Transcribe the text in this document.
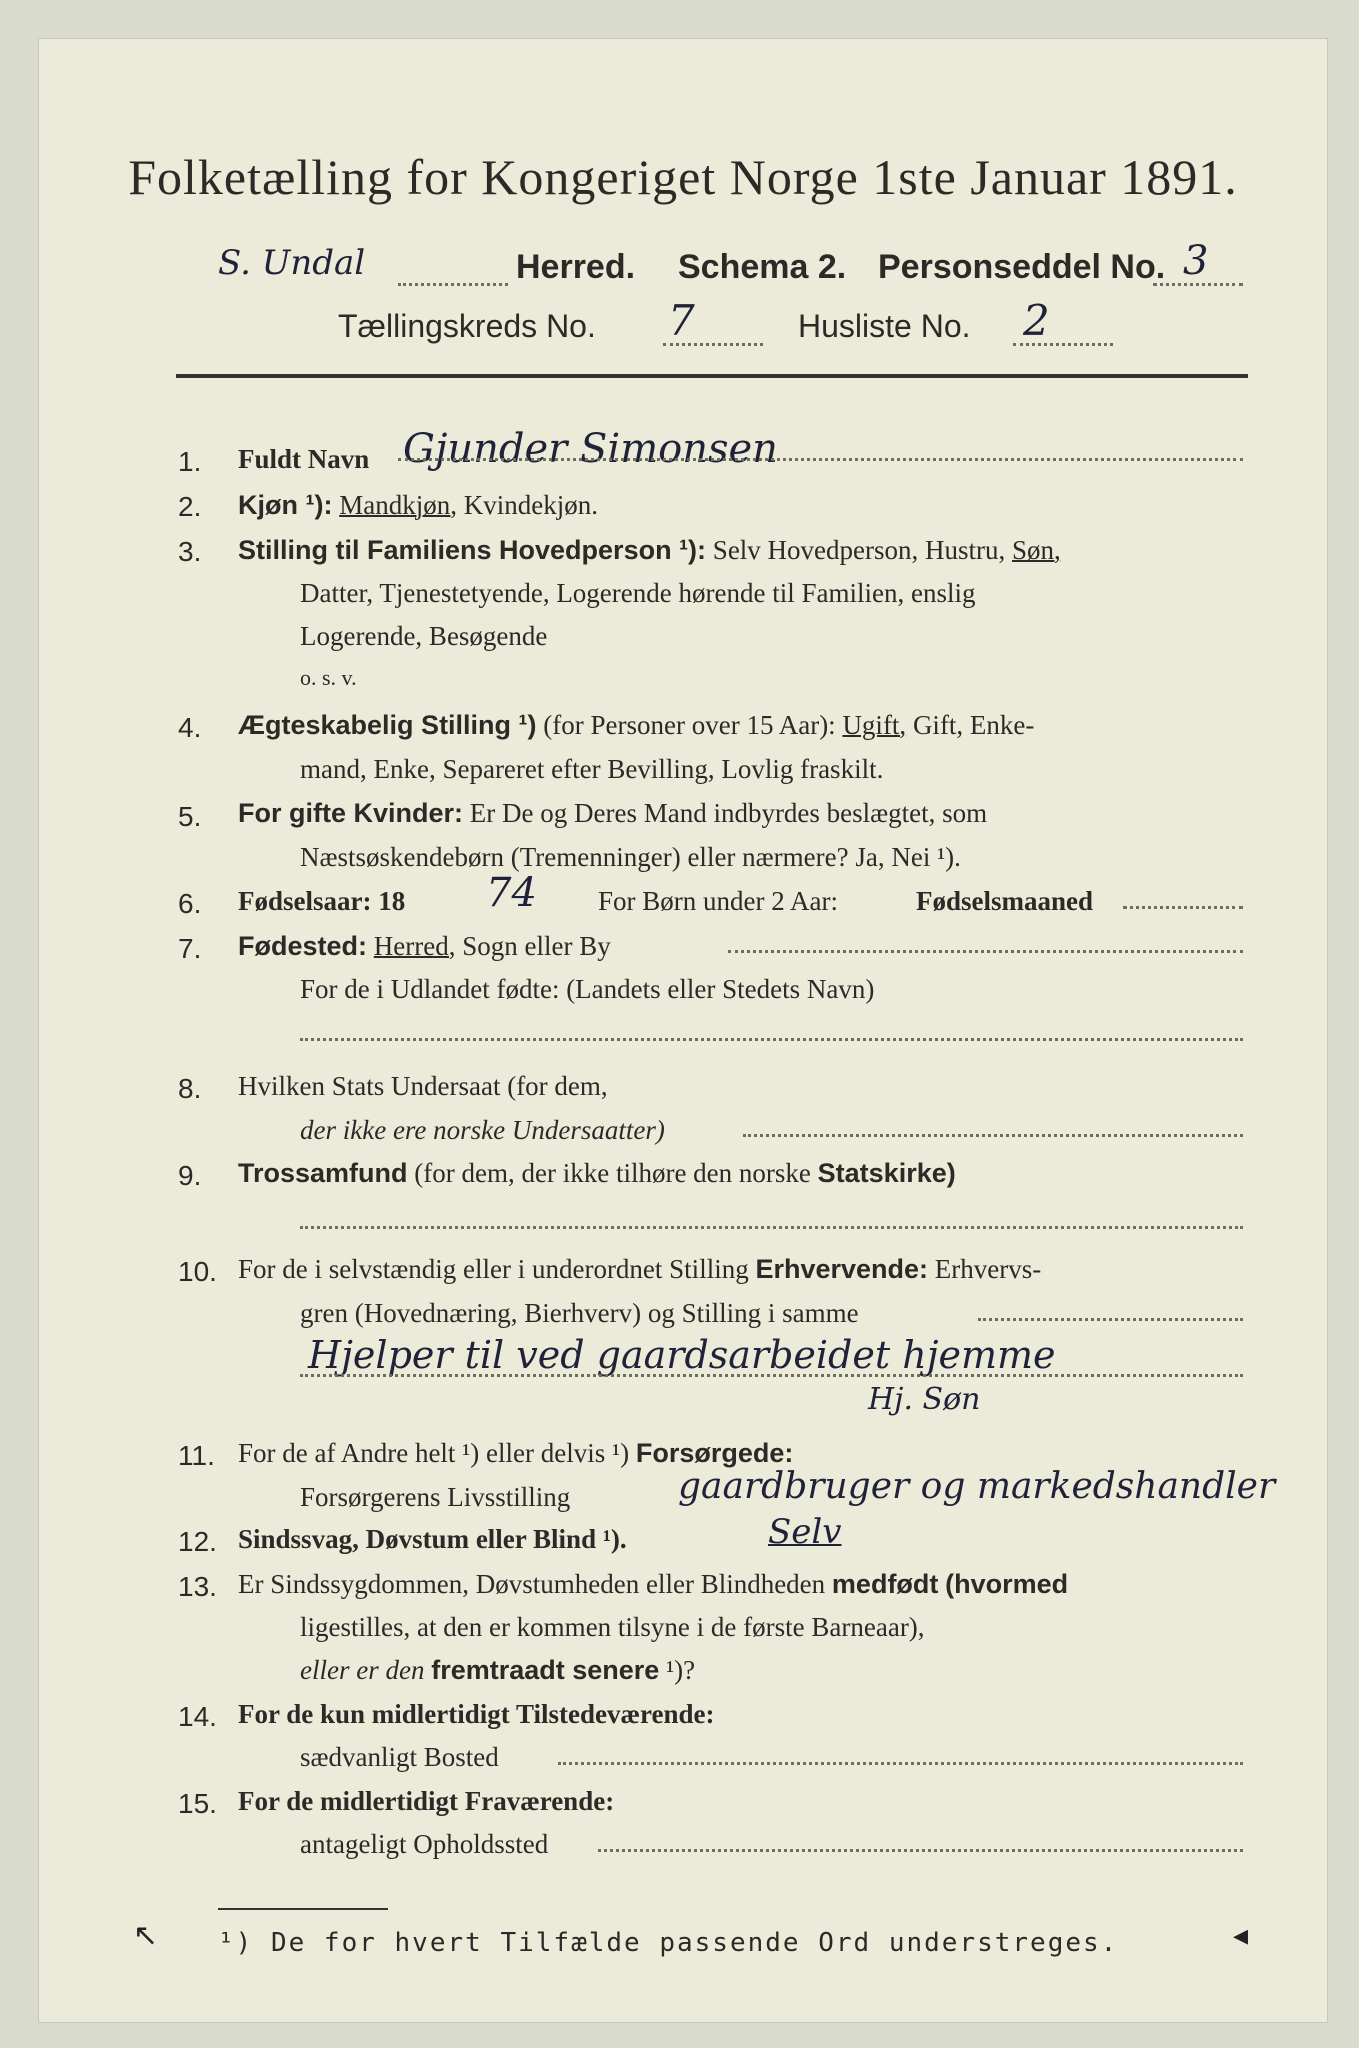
Folketælling for Kongeriget Norge 1ste Januar 1891.
S. Undal	Herred. Schema 2. Personseddel No. 3
Tællingskreds No. 7	Husliste No. 2
1. Fuldt Navn Gjunder Simonsen
2. Kjøn ¹): Mandkjøn, Kvindekjøn.
3. Stilling til Familiens Hovedperson ¹): Selv Hovedperson, Hustru, Søn,
Datter, Tjenestetyende, Logerende hørende til Familien, enslig
Logerende, Besøgende
o. s. v.
4. Ægteskabelig Stilling ¹) (for Personer over 15 Aar): Ugift, Gift, Enke-
mand, Enke, Separeret efter Bevilling, Lovlig fraskilt.
5. For gifte Kvinder: Er De og Deres Mand indbyrdes beslægtet, som
Næstsøskendebørn (Tremenninger) eller nærmere? Ja, Nei ¹).
6. Fødselsaar: 18 74 For Børn under 2 Aar:	Fødselsmaaned
7. Fødested: Herred, Sogn eller By
For de i Udlandet fødte: (Landets eller Stedets Navn)
8. Hvilken Stats Undersaat (for dem,
der ikke ere norske Undersaatter)
9. Trossamfund (for dem, der ikke tilhøre den norske Statskirke)
10. For de i selvstændig eller i underordnet Stilling Erhvervende: Erhvervs-
gren (Hovednæring, Bierhverv) og Stilling i samme
Hjelper til ved gaardsarbeidet hjemme
Hj. Søn
11. For de af Andre helt ¹) eller delvis ¹) Forsørgede:
Forsørgerens Livsstilling	gaardbruger og markedshandler
12. Sindssvag, Døvstum eller Blind ¹).	Selv
13. Er Sindssygdommen, Døvstumheden eller Blindheden medfødt (hvormed
ligestilles, at den er kommen tilsyne i de første Barneaar),
eller er den fremtraadt senere ¹)?
14. For de kun midlertidigt Tilstedeværende:
sædvanligt Bosted
15. For de midlertidigt Fraværende:
antageligt Opholdssted
¹) De for hvert Tilfælde passende Ord understreges.
↖	◂
